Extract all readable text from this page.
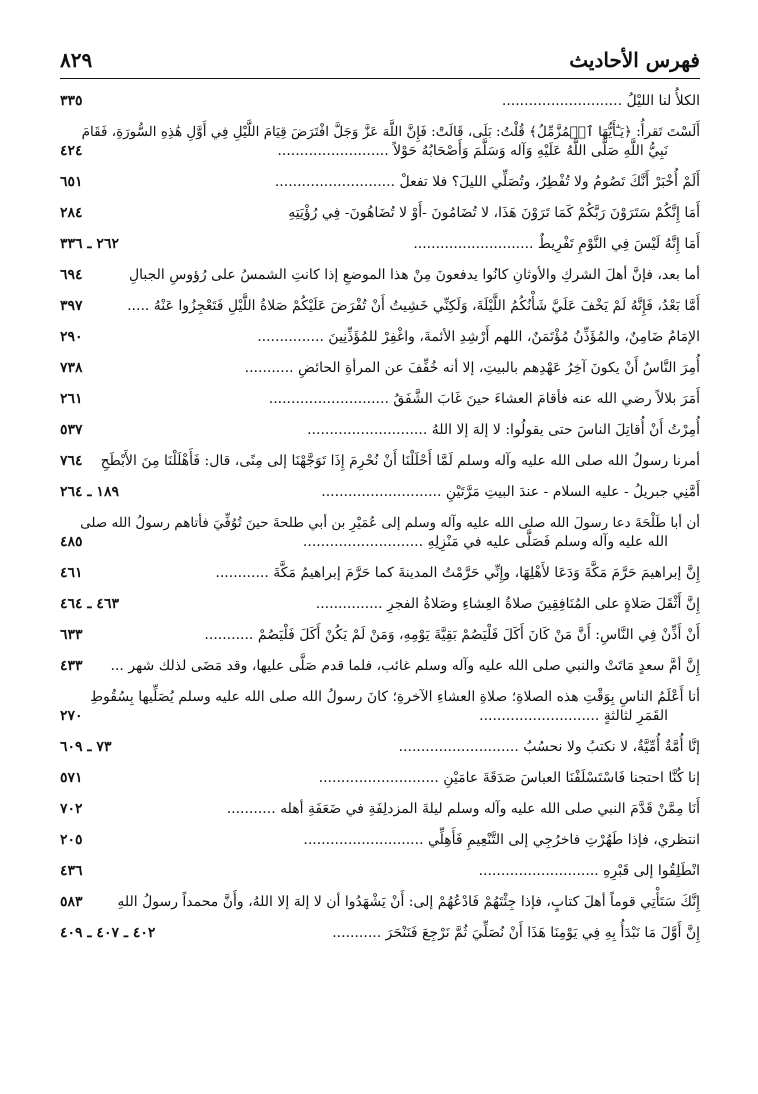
فهرس الأحاديث
٨٢٩
الكلأُ لنا الليْلُ ...........................
٣٣٥
أَلَسْتَ تَقرأُ: ﴿يَـٰٓأَيُّهَا ٱلۡمُزَّمِّلُ﴾ قُلْتُ: بَلَى، قَالَتْ: فَإِنَّ اللَّهَ عَزَّ وَجَلَّ افْتَرَضَ قِيَامَ اللَّيْلِ فِي أَوَّلِ هَٰذِهِ السُّورَةِ، فَقَامَ
نَبِيُّ اللَّهِ صَلَّى اللَّهُ عَلَيْهِ وَآله وَسَلَّمَ وَأَصْحَابُهُ حَوْلاً .........................
٤٢٤
أَلَمْ أُخْبَرْ أَنَّكَ تَصُومُ ولا تُفْطِرُ، وتُصَلِّي الليلَ؟ فلا تفعلْ ...........................
٦٥١
أَمَا إِنَّكُمْ سَتَرَوْنَ رَبَّكُمْ كَمَا تَرَوْنَ هَذَا، لا تُضَامُونَ -أَوْ لا تُضَاهُونَ- فِي رُؤْيَتِهِ
٢٨٤
أَمَا إِنَّهُ لَيْسَ فِي النَّوْمِ تَفْرِيطٌ ...........................
٢٦٢ ـ ٣٣٦
أما بعد، فإنَّ أهلَ الشركِ والأوثانِ كانُوا يدفعونَ مِنْ هذا الموضعِ إذا كانتِ الشمسُ على رُؤوسِ الجبالِ
٦٩٤
أَمَّا بَعْدُ، فَإِنَّهُ لَمْ يَخْفَ عَلَيَّ شَأْنُكُمُ اللَّيْلَةَ، وَلَكِنِّي خَشِيتُ أَنْ تُفْرَضَ عَلَيْكُمْ صَلاةُ اللَّيْلِ فَتَعْجِزُوا عَنْهُ .....
٣٩٧
الإمَامُ ضَامِنٌ، والمُؤَذِّنُ مُؤْتَمَنٌ، اللهم أَرْشِدِ الأئمةَ، واغْفِرْ للمُؤَذِّنِينَ ...............
٢٩٠
أُمِرَ النَّاسُ أَنْ يكونَ آخِرُ عَهْدِهم بالبيتِ، إلا أنه خُفِّفَ عن المرأةِ الحائضِ ...........
٧٣٨
أَمَرَ بلالاً رضي الله عنه فأقامَ العشاءَ حينَ غَابَ الشَّفَقُ ...........................
٢٦١
أُمِرْتُ أَنْ أُقاتِلَ الناسَ حتى يقولُوا: لا إلهَ إلا اللهُ ...........................
٥٣٧
أمرنا رسولُ الله صلى الله عليه وآله وسلم لَمَّا أَحْلَلْنَا أَنْ نُحْرِمَ إِذَا تَوَجَّهْنَا إلى مِنًى، قال: فَأَهْلَلْنَا مِنَ الأَبْطَحِ
٧٦٤
أَمَّنِي جبريلُ - عليه السلام - عندَ البيتِ مَرَّتَيْنِ ...........................
١٨٩ ـ ٢٦٤
أن أبا طَلْحَةَ دعا رسولَ الله صلى الله عليه وآله وسلم إلى عُمَيْرِ بن أبي طلحةَ حينَ تُوُفِّيَ فأتاهم رسولُ الله صلى
الله عليه وآله وسلم فَصَلَّى عليه في مَنْزِلِهِ ...........................
٤٨٥
إِنَّ إبراهيمَ حَرَّمَ مَكَّةَ وَدَعَا لأَهْلِهَا، وإِنِّي حَرَّمْتُ المدينةَ كما حَرَّمَ إبراهيمُ مَكَّةَ ............
٤٦١
إِنَّ أَثْقَلَ صَلاةٍ على المُنَافِقِينَ صلاةُ العِشاءِ وصَلاةُ الفجرِ ...............
٤٦٣ ـ ٤٦٤
أَنْ أَذِّنْ فِي النَّاسِ: أَنَّ مَنْ كَانَ أَكَلَ فَلْيَصُمْ بَقِيَّةَ يَوْمِهِ، وَمَنْ لَمْ يَكُنْ أَكَلَ فَلْيَصُمْ ...........
٦٣٣
إِنَّ أمَّ سعدٍ مَاتَتْ والنبي صلى الله عليه وآله وسلم غائب، فلما قدم صَلَّى عليها، وقد مَضَى لذلك شهر ...
٤٣٣
أنا أَعْلَمُ الناسِ بِوَقْتِ هذه الصلاةِ؛ صلاةِ العشاءِ الآخرةِ؛ كانَ رسولُ الله صلى الله عليه وسلم يُصَلِّيها بِسُقُوطِ
القَمَرِ لثالثةٍ ...........................
٢٧٠
إنَّا أُمَّةٌ أُمِّيَّةٌ، لا نكتبُ ولا نحسُبُ ...........................
٧٣ ـ ٦٠٩
إنا كُنَّا احتجنا فَاسْتَسْلَفْنَا العباسَ صَدَقَةَ عامَيْنِ ...........................
٥٧١
أَنَا مِمَّنْ قَدَّمَ النبي صلى الله عليه وآله وسلم ليلةَ المزدلِفَةِ في ضَعَفَةِ أهله ...........
٧٠٢
انتظري، فإذا طَهُرْتِ فاخرُجِي إلى التَّنْعِيمِ فَأَهِلِّي ...........................
٢٠٥
انْطَلِقُوا إلى قَبْرِهِ ...........................
٤٣٦
إِنَّكَ سَتَأْتِي قوماً أهلَ كتابٍ، فإذا جِئْتَهُمْ فَادْعُهُمْ إلى: أَنْ يَشْهَدُوا أن لا إلهَ إلا اللهُ، وأَنَّ محمداً رسولُ اللهِ
٥٨٣
إِنَّ أَوَّلَ مَا نَبْدَأُ بِهِ فِي يَوْمِنَا هَذَا أَنْ نُصَلِّيَ ثُمَّ نَرْجِعَ فَنَنْحَرَ ...........
٤٠٢ ـ ٤٠٧ ـ ٤٠٩
